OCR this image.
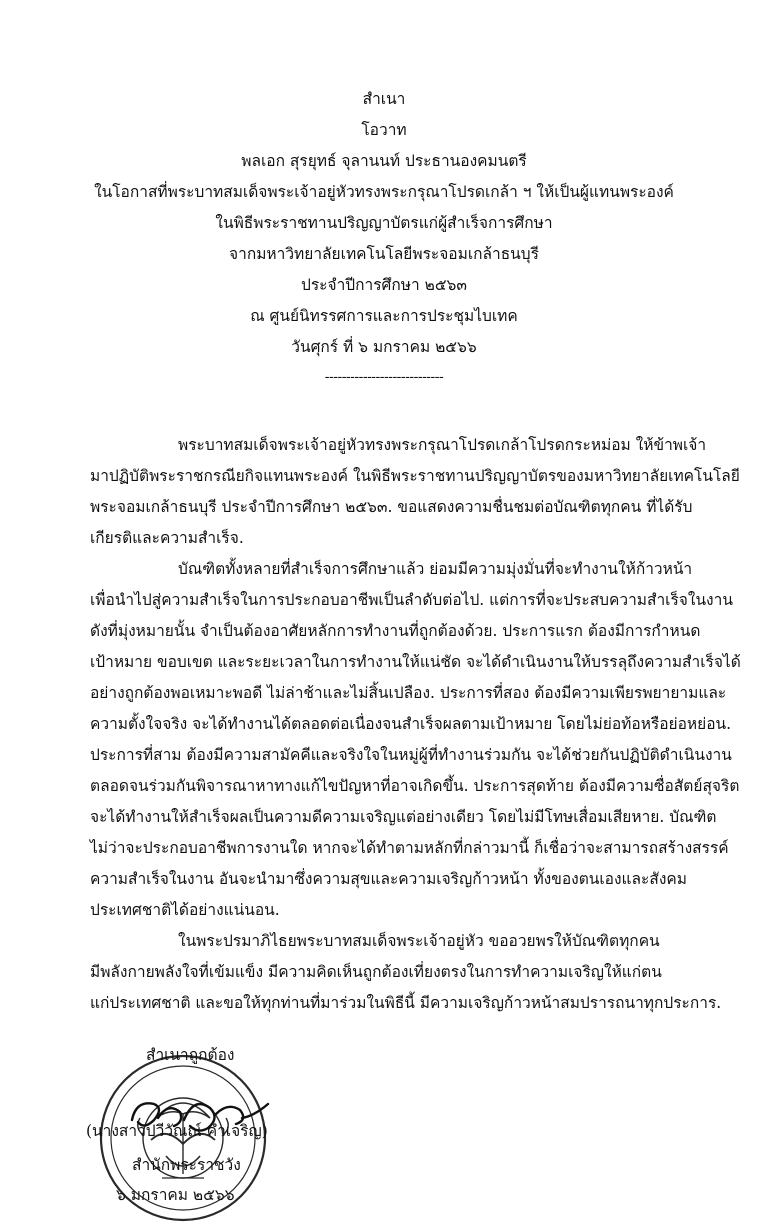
สำเนา
โอวาท
พลเอก สุรยุทธ์ จุลานนท์ ประธานองคมนตรี
ในโอกาสที่พระบาทสมเด็จพระเจ้าอยู่หัวทรงพระกรุณาโปรดเกล้า ฯ ให้เป็นผู้แทนพระองค์
ในพิธีพระราชทานปริญญาบัตรแก่ผู้สำเร็จการศึกษา
จากมหาวิทยาลัยเทคโนโลยีพระจอมเกล้าธนบุรี
ประจำปีการศึกษา ๒๕๖๓
ณ ศูนย์นิทรรศการและการประชุมไบเทค
วันศุกร์ ที่ ๖ มกราคม ๒๕๖๖
----------------------------
พระบาทสมเด็จพระเจ้าอยู่หัวทรงพระกรุณาโปรดเกล้าโปรดกระหม่อม ให้ข้าพเจ้า
มาปฏิบัติพระราชกรณียกิจแทนพระองค์ ในพิธีพระราชทานปริญญาบัตรของมหาวิทยาลัยเทคโนโลยี
พระจอมเกล้าธนบุรี ประจำปีการศึกษา ๒๕๖๓. ขอแสดงความชื่นชมต่อบัณฑิตทุกคน ที่ได้รับ
เกียรติและความสำเร็จ.
บัณฑิตทั้งหลายที่สำเร็จการศึกษาแล้ว ย่อมมีความมุ่งมั่นที่จะทำงานให้ก้าวหน้า
เพื่อนำไปสู่ความสำเร็จในการประกอบอาชีพเป็นลำดับต่อไป. แต่การที่จะประสบความสำเร็จในงาน
ดังที่มุ่งหมายนั้น จำเป็นต้องอาศัยหลักการทำงานที่ถูกต้องด้วย. ประการแรก ต้องมีการกำหนด
เป้าหมาย ขอบเขต และระยะเวลาในการทำงานให้แน่ชัด จะได้ดำเนินงานให้บรรลุถึงความสำเร็จได้
อย่างถูกต้องพอเหมาะพอดี ไม่ล่าช้าและไม่สิ้นเปลือง. ประการที่สอง ต้องมีความเพียรพยายามและ
ความตั้งใจจริง จะได้ทำงานได้ตลอดต่อเนื่องจนสำเร็จผลตามเป้าหมาย โดยไม่ย่อท้อหรือย่อหย่อน.
ประการที่สาม ต้องมีความสามัคคีและจริงใจในหมู่ผู้ที่ทำงานร่วมกัน จะได้ช่วยกันปฏิบัติดำเนินงาน
ตลอดจนร่วมกันพิจารณาหาทางแก้ไขปัญหาที่อาจเกิดขึ้น. ประการสุดท้าย ต้องมีความซื่อสัตย์สุจริต
จะได้ทำงานให้สำเร็จผลเป็นความดีความเจริญแต่อย่างเดียว โดยไม่มีโทษเสื่อมเสียหาย. บัณฑิต
ไม่ว่าจะประกอบอาชีพการงานใด หากจะได้ทำตามหลักที่กล่าวมานี้ ก็เชื่อว่าจะสามารถสร้างสรรค์
ความสำเร็จในงาน อันจะนำมาซึ่งความสุขและความเจริญก้าวหน้า ทั้งของตนเองและสังคม
ประเทศชาติได้อย่างแน่นอน.
ในพระปรมาภิไธยพระบาทสมเด็จพระเจ้าอยู่หัว ขออวยพรให้บัณฑิตทุกคน
มีพลังกายพลังใจที่เข้มแข็ง มีความคิดเห็นถูกต้องเที่ยงตรงในการทำความเจริญให้แก่ตน
แก่ประเทศชาติ และขอให้ทุกท่านที่มาร่วมในพิธีนี้ มีความเจริญก้าวหน้าสมปรารถนาทุกประการ.
สำเนาถูกต้อง
(นางสาวปวีวัณณ์ คำเจริญ)
สำนักพระราชวัง
๖ มกราคม ๒๕๖๖
